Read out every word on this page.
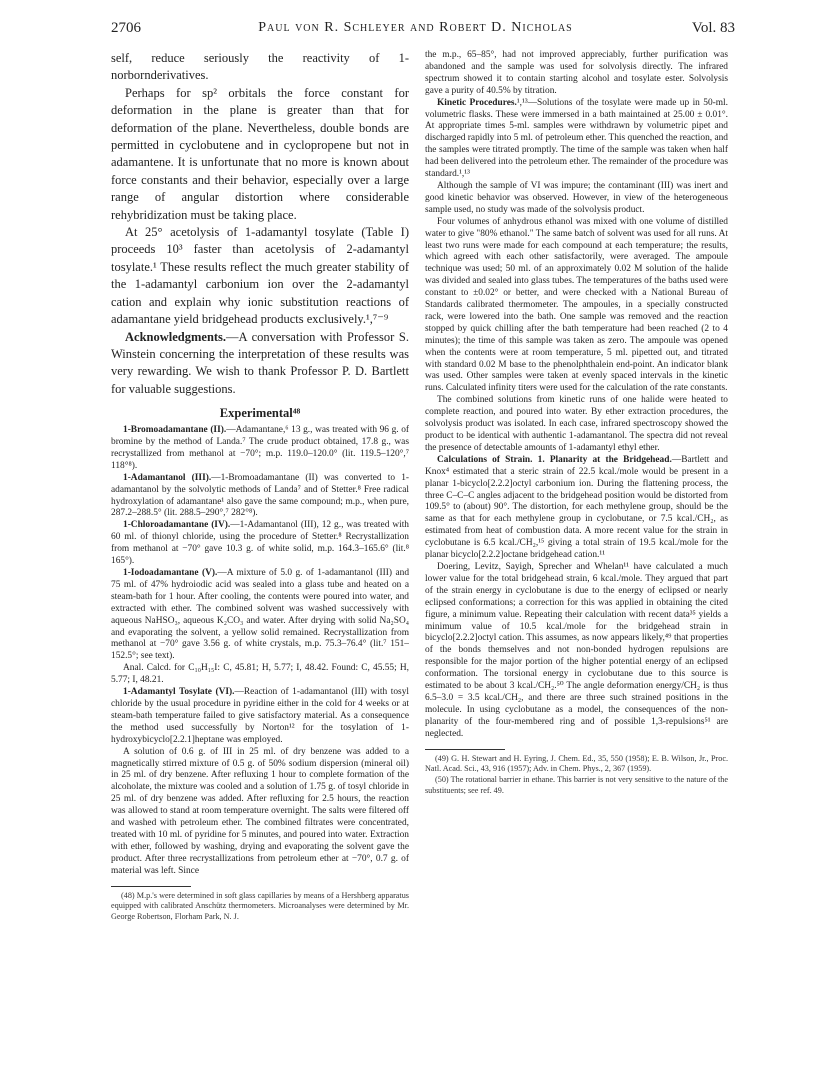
2706	Paul von R. Schleyer and Robert D. Nicholas	Vol. 83

self, reduce seriously the reactivity of 1-norbornderivatives.

Perhaps for sp² orbitals the force constant for deformation in the plane is greater than that for deformation of the plane. Nevertheless, double bonds are permitted in cyclobutene and in cyclopropene but not in adamantene. It is unfortunate that no more is known about force constants and their behavior, especially over a large range of angular distortion where considerable rehybridization must be taking place.

At 25° acetolysis of 1-adamantyl tosylate (Table I) proceeds 10³ faster than acetolysis of 2-adamantyl tosylate.¹ These results reflect the much greater stability of the 1-adamantyl carbonium ion over the 2-adamantyl cation and explain why ionic substitution reactions of adamantane yield bridgehead products exclusively.¹,⁷⁻⁹

Acknowledgments.—A conversation with Professor S. Winstein concerning the interpretation of these results was very rewarding. We wish to thank Professor P. D. Bartlett for valuable suggestions.

Experimental⁴⁸

1-Bromoadamantane (II).—Adamantane,⁶ 13 g., was treated with 96 g. of bromine by the method of Landa.⁷ The crude product obtained, 17.8 g., was recrystallized from methanol at −70°; m.p. 119.0–120.0° (lit. 119.5–120°,⁷ 118°⁸).

1-Adamantanol (III).—1-Bromoadamantane (II) was converted to 1-adamantanol by the solvolytic methods of Landa⁷ and of Stetter.⁸ Free radical hydroxylation of adamantane¹ also gave the same compound; m.p., when pure, 287.2–288.5° (lit. 288.5–290°,⁷ 282°⁸).

1-Chloroadamantane (IV).—1-Adamantanol (III), 12 g., was treated with 60 ml. of thionyl chloride, using the procedure of Stetter.⁸ Recrystallization from methanol at −70° gave 10.3 g. of white solid, m.p. 164.3–165.6° (lit.⁸ 165°).

1-Iodoadamantane (V).—A mixture of 5.0 g. of 1-adamantanol (III) and 75 ml. of 47% hydroiodic acid was sealed into a glass tube and heated on a steam-bath for 1 hour. After cooling, the contents were poured into water, and extracted with ether. The combined solvent was washed successively with aqueous NaHSO₃, aqueous K₂CO₃ and water. After drying with solid Na₂SO₄ and evaporating the solvent, a yellow solid remained. Recrystallization from methanol at −70° gave 3.56 g. of white crystals, m.p. 75.3–76.4° (lit.⁷ 151–152.5°; see text).

Anal. Calcd. for C₁₀H₁₅I: C, 45.81; H, 5.77; I, 48.42. Found: C, 45.55; H, 5.77; I, 48.21.

1-Adamantyl Tosylate (VI).—Reaction of 1-adamantanol (III) with tosyl chloride by the usual procedure in pyridine either in the cold for 4 weeks or at steam-bath temperature failed to give satisfactory material. As a consequence the method used successfully by Norton¹² for the tosylation of 1-hydroxybicyclo[2.2.1]heptane was employed.

A solution of 0.6 g. of III in 25 ml. of dry benzene was added to a magnetically stirred mixture of 0.5 g. of 50% sodium dispersion (mineral oil) in 25 ml. of dry benzene. After refluxing 1 hour to complete formation of the alcoholate, the mixture was cooled and a solution of 1.75 g. of tosyl chloride in 25 ml. of dry benzene was added. After refluxing for 2.5 hours, the reaction was allowed to stand at room temperature overnight. The salts were filtered off and washed with petroleum ether. The combined filtrates were concentrated, treated with 10 ml. of pyridine for 5 minutes, and poured into water. Extraction with ether, followed by washing, drying and evaporating the solvent gave the product. After three recrystallizations from petroleum ether at −70°, 0.7 g. of material was left. Since

(48) M.p.'s were determined in soft glass capillaries by means of a Hershberg apparatus equipped with calibrated Anschütz thermometers. Microanalyses were determined by Mr. George Robertson, Florham Park, N. J.

the m.p., 65–85°, had not improved appreciably, further purification was abandoned and the sample was used for solvolysis directly. The infrared spectrum showed it to contain starting alcohol and tosylate ester. Solvolysis gave a purity of 40.5% by titration.

Kinetic Procedures.¹,¹³—Solutions of the tosylate were made up in 50-ml. volumetric flasks. These were immersed in a bath maintained at 25.00 ± 0.01°. At appropriate times 5-ml. samples were withdrawn by volumetric pipet and discharged rapidly into 5 ml. of petroleum ether. This quenched the reaction, and the samples were titrated promptly. The time of the sample was taken when half had been delivered into the petroleum ether. The remainder of the procedure was standard.¹,¹³

Although the sample of VI was impure; the contaminant (III) was inert and good kinetic behavior was observed. However, in view of the heterogeneous sample used, no study was made of the solvolysis product.

Four volumes of anhydrous ethanol was mixed with one volume of distilled water to give "80% ethanol." The same batch of solvent was used for all runs. At least two runs were made for each compound at each temperature; the results, which agreed with each other satisfactorily, were averaged. The ampoule technique was used; 50 ml. of an approximately 0.02 M solution of the halide was divided and sealed into glass tubes. The temperatures of the baths used were constant to ±0.02° or better, and were checked with a National Bureau of Standards calibrated thermometer. The ampoules, in a specially constructed rack, were lowered into the bath. One sample was removed and the reaction stopped by quick chilling after the bath temperature had been reached (2 to 4 minutes); the time of this sample was taken as zero. The ampoule was opened when the contents were at room temperature, 5 ml. pipetted out, and titrated with standard 0.02 M base to the phenolphthalein end-point. An indicator blank was used. Other samples were taken at evenly spaced intervals in the kinetic runs. Calculated infinity titers were used for the calculation of the rate constants.

The combined solutions from kinetic runs of one halide were heated to complete reaction, and poured into water. By ether extraction procedures, the solvolysis product was isolated. In each case, infrared spectroscopy showed the product to be identical with authentic 1-adamantanol. The spectra did not reveal the presence of detectable amounts of 1-adamantyl ethyl ether.

Calculations of Strain. 1. Planarity at the Bridgehead.—Bartlett and Knox⁴ estimated that a steric strain of 22.5 kcal./mole would be present in a planar 1-bicyclo[2.2.2]octyl carbonium ion. During the flattening process, the three C–C–C angles adjacent to the bridgehead position would be distorted from 109.5° to (about) 90°. The distortion, for each methylene group, should be the same as that for each methylene group in cyclobutane, or 7.5 kcal./CH₂, as estimated from heat of combustion data. A more recent value for the strain in cyclobutane is 6.5 kcal./CH₂,¹⁵ giving a total strain of 19.5 kcal./mole for the planar bicyclo[2.2.2]octane bridgehead cation.¹¹

Doering, Levitz, Sayigh, Sprecher and Whelan¹¹ have calculated a much lower value for the total bridgehead strain, 6 kcal./mole. They argued that part of the strain energy in cyclobutane is due to the energy of eclipsed or nearly eclipsed conformations; a correction for this was applied in obtaining the cited figure, a minimum value. Repeating their calculation with recent data³⁵ yields a minimum value of 10.5 kcal./mole for the bridgehead strain in bicyclo[2.2.2]octyl cation. This assumes, as now appears likely,⁴⁹ that properties of the bonds themselves and not non-bonded hydrogen repulsions are responsible for the major portion of the higher potential energy of an eclipsed conformation. The torsional energy in cyclobutane due to this source is estimated to be about 3 kcal./CH₂.⁵⁰ The angle deformation energy/CH₂ is thus 6.5–3.0 = 3.5 kcal./CH₂, and there are three such strained positions in the molecule. In using cyclobutane as a model, the consequences of the non-planarity of the four-membered ring and of possible 1,3-repulsions⁵¹ are neglected.

(49) G. H. Stewart and H. Eyring, J. Chem. Ed., 35, 550 (1958); E. B. Wilson, Jr., Proc. Natl. Acad. Sci., 43, 916 (1957); Adv. in Chem. Phys., 2, 367 (1959).

(50) The rotational barrier in ethane. This barrier is not very sensitive to the nature of the substituents; see ref. 49.
